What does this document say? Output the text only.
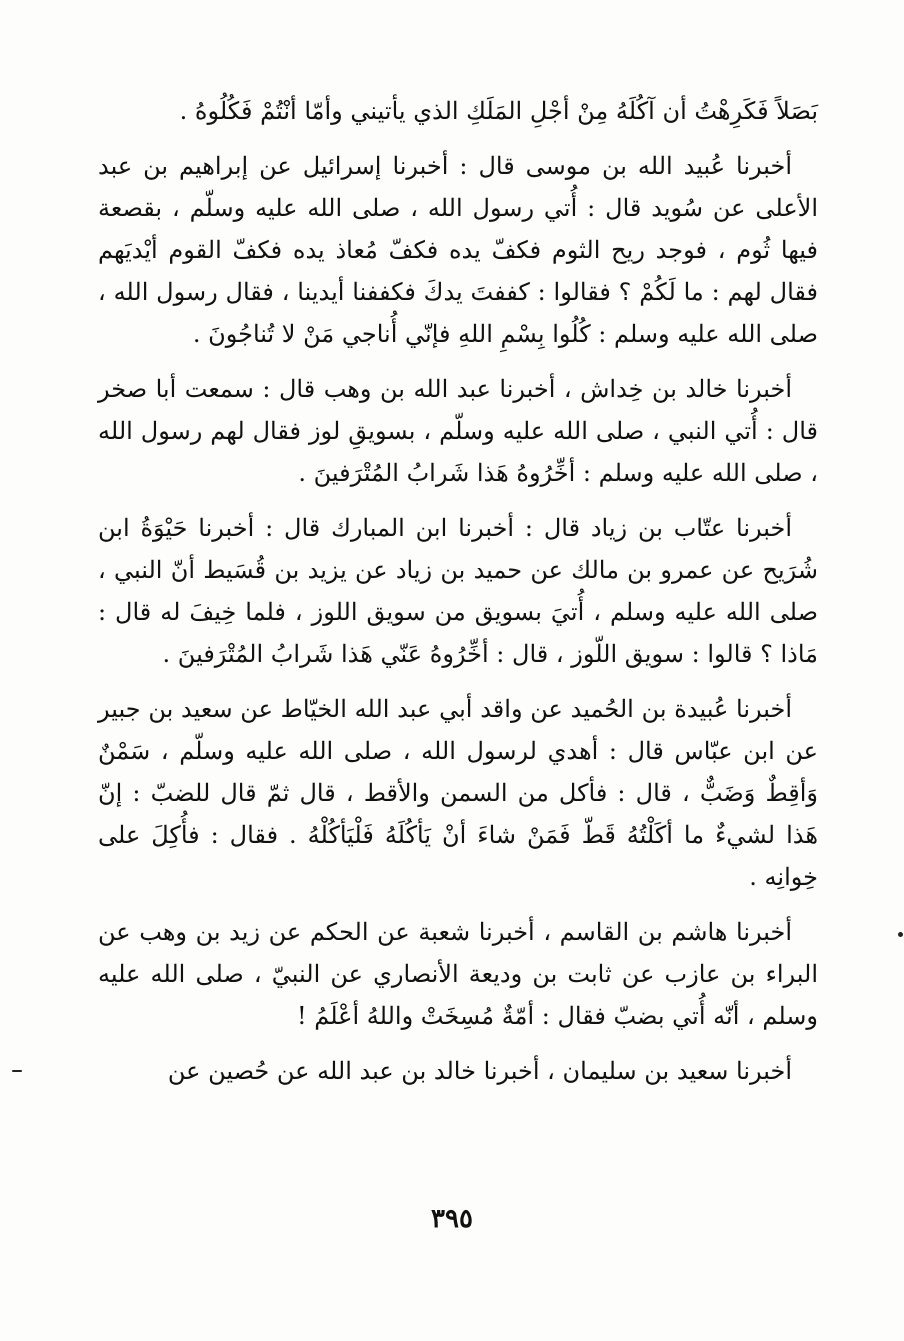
بَصَلاً فَكَرِهْتُ أن آكُلَهُ مِنْ أجْلِ المَلَكِ الذي يأتيني وأمّا أنْتُمْ فَكُلُوهُ .

أخبرنا عُبيد الله بن موسى قال : أخبرنا إسرائيل عن إبراهيم بن عبد الأعلى عن سُويد قال : أُتي رسول الله ، صلى الله عليه وسلّم ، بقصعة فيها ثُوم ، فوجد ريح الثوم فكفّ يده فكفّ مُعاذ يده فكفّ القوم أيْديَهم فقال لهم : ما لَكُمْ ؟ فقالوا : كففتَ يدكَ فكففنا أيدينا ، فقال رسول الله ، صلى الله عليه وسلم : كُلُوا بِسْمِ اللهِ فإنّي أُناجي مَنْ لا تُناجُونَ .

أخبرنا خالد بن خِداش ، أخبرنا عبد الله بن وهب قال : سمعت أبا صخر قال : أُتي النبي ، صلى الله عليه وسلّم ، بسويقِ لوز فقال لهم رسول الله ، صلى الله عليه وسلم : أخِّرُوهُ هَذا شَرابُ المُتْرَفينَ .

أخبرنا عتّاب بن زياد قال : أخبرنا ابن المبارك قال : أخبرنا حَيْوَةُ ابن شُرَيح عن عمرو بن مالك عن حميد بن زياد عن يزيد بن قُسَيط أنّ النبي ، صلى الله عليه وسلم ، أُتيَ بسويق من سويق اللوز ، فلما خِيفَ له قال : مَاذا ؟ قالوا : سويق اللّوز ، قال : أخِّرُوهُ عَنّي هَذا شَرابُ المُتْرَفينَ .

أخبرنا عُبيدة بن الحُميد عن واقد أبي عبد الله الخيّاط عن سعيد بن جبير عن ابن عبّاس قال : أهدي لرسول الله ، صلى الله عليه وسلّم ، سَمْنٌ وَأقِطٌ وَضَبٌّ ، قال : فأكل من السمن والأقط ، قال ثمّ قال للضبّ : إنّ هَذا لشيءٌ ما أكَلْتُهُ قَطّ فَمَنْ شاءَ أنْ يَأكُلَهُ فَلْيَأكُلْهُ . فقال : فأُكِلَ على خِوانِه .

أخبرنا هاشم بن القاسم ، أخبرنا شعبة عن الحكم عن زيد بن وهب عن البراء بن عازب عن ثابت بن وديعة الأنصاري عن النبيّ ، صلى الله عليه وسلم ، أنّه أُتي بضبّ فقال : أمّةٌ مُسِخَتْ واللهُ أعْلَمُ !

أخبرنا سعيد بن سليمان ، أخبرنا خالد بن عبد الله عن حُصين عن

٣٩٥
